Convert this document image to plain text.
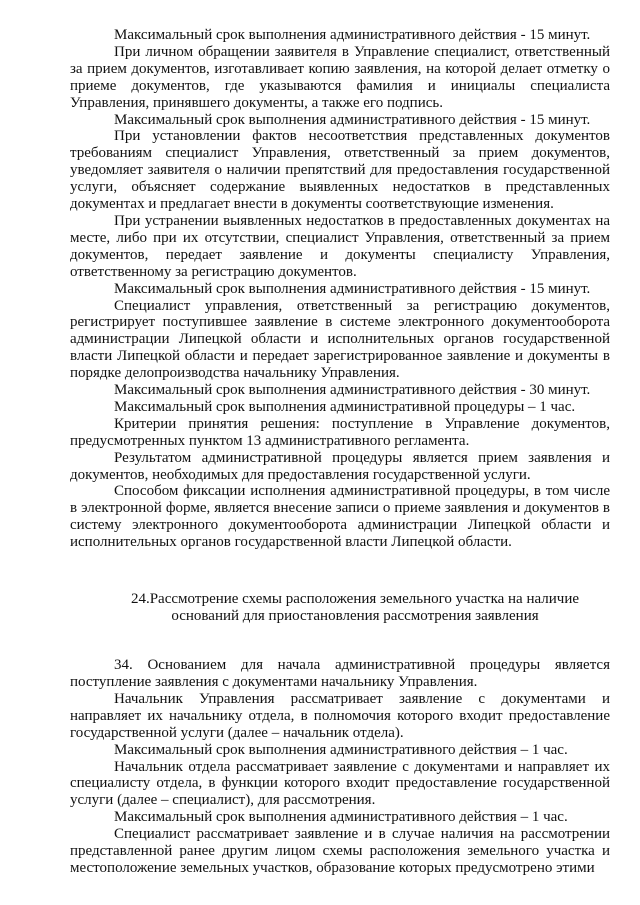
Максимальный срок выполнения административного действия - 15 минут.

При личном обращении заявителя в Управление специалист, ответственный за прием документов, изготавливает копию заявления, на которой делает отметку о приеме документов, где указываются фамилия и инициалы специалиста Управления, принявшего документы, а также его подпись.

Максимальный срок выполнения административного действия - 15 минут.

При установлении фактов несоответствия представленных документов требованиям специалист Управления, ответственный за прием документов, уведомляет заявителя о наличии препятствий для предоставления государственной услуги, объясняет содержание выявленных недостатков в представленных документах и предлагает внести в документы соответствующие изменения.

При устранении выявленных недостатков в предоставленных документах на месте, либо при их отсутствии, специалист Управления, ответственный за прием документов, передает заявление и документы специалисту Управления, ответственному за регистрацию документов.

Максимальный срок выполнения административного действия - 15 минут.

Специалист управления, ответственный за регистрацию документов, регистрирует поступившее заявление в системе электронного документооборота администрации Липецкой области и исполнительных органов государственной власти Липецкой области и передает зарегистрированное заявление и документы в порядке делопроизводства начальнику Управления.

Максимальный срок выполнения административного действия - 30 минут.

Максимальный срок выполнения административной процедуры – 1 час.

Критерии принятия решения: поступление в Управление документов, предусмотренных пунктом 13 административного регламента.

Результатом административной процедуры является прием заявления и документов, необходимых для предоставления государственной услуги.

Способом фиксации исполнения административной процедуры, в том числе в электронной форме, является внесение записи о приеме заявления и документов в систему электронного документооборота администрации Липецкой области и исполнительных органов государственной власти Липецкой области.

24.Рассмотрение схемы расположения земельного участка на наличие
оснований для приостановления рассмотрения заявления

34. Основанием для начала административной процедуры является поступление заявления с документами начальнику Управления.

Начальник Управления рассматривает заявление с документами и направляет их начальнику отдела, в полномочия которого входит предоставление государственной услуги (далее – начальник отдела).

Максимальный срок выполнения административного действия – 1 час.

Начальник отдела рассматривает заявление с документами и направляет их специалисту отдела, в функции которого входит предоставление государственной услуги (далее – специалист), для рассмотрения.

Максимальный срок выполнения административного действия – 1 час.

Специалист рассматривает заявление и в случае наличия на рассмотрении представленной ранее другим лицом схемы расположения земельного участка и местоположение земельных участков, образование которых предусмотрено этими
